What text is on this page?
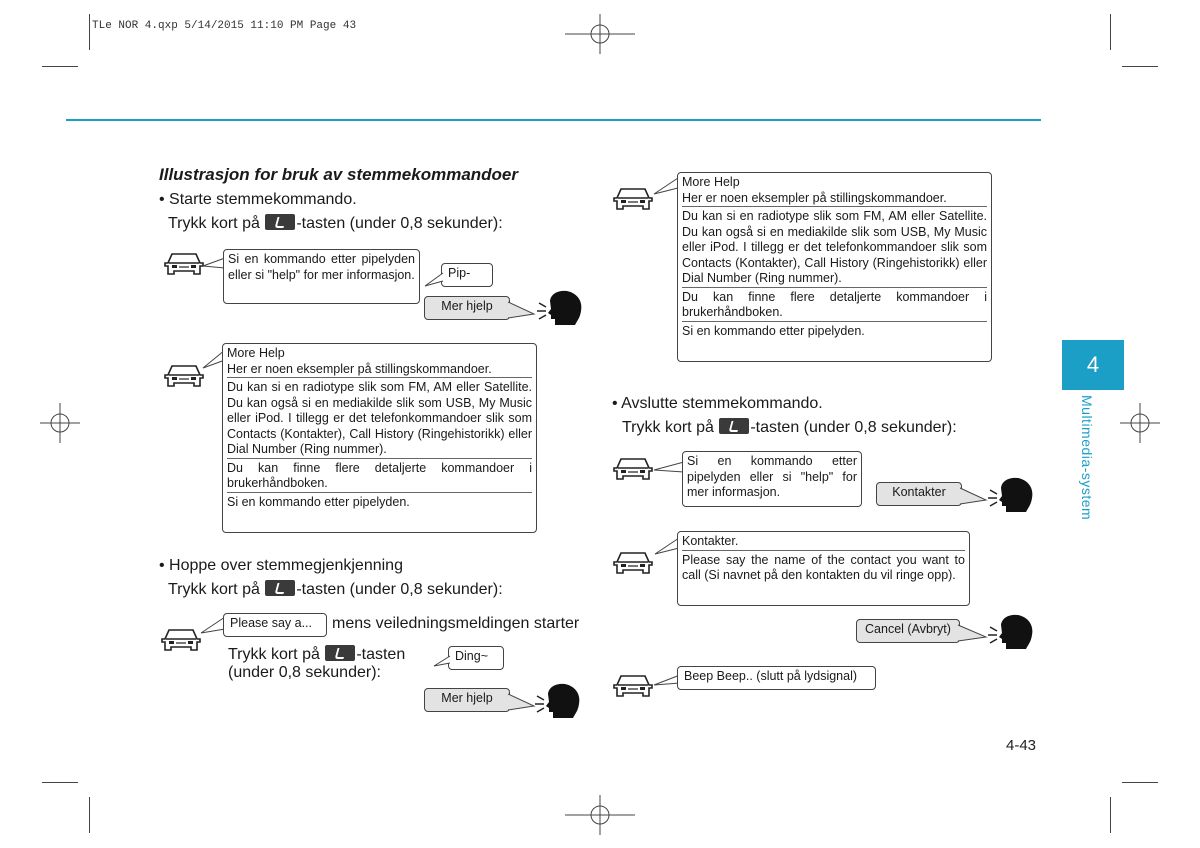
TLe NOR 4.qxp 5/14/2015 11:10 PM Page 43
Illustrasjon for bruk av stemmekommandoer
• Starte stemmekommando.
Trykk kort på -tasten (under 0,8 sekunder):

Si en kommando etter pipelyden eller si "help" for mer informasjon.	Pip-
Mer hjelp

More Help

Her er noen eksempler på stillingskommandoer.

Du kan si en radiotype slik som FM, AM eller Satellite. Du kan også si en mediakilde slik som USB, My Music eller iPod. I tillegg er det telefonkommandoer slik som Contacts (Kontakter), Call History (Ringehistorikk) eller Dial Number (Ring nummer).

Du kan finne flere detaljerte kommandoer i brukerhåndboken.

Si en kommando etter pipelyden.

• Hoppe over stemmegjenkjenning
Trykk kort på -tasten (under 0,8 sekunder):
Please say a...	mens veiledningsmeldingen starter
Trykk kort på -tasten
(under 0,8 sekunder):
Ding~
Mer hjelp

More Help

Her er noen eksempler på stillingskommandoer.

Du kan si en radiotype slik som FM, AM eller Satellite. Du kan også si en mediakilde slik som USB, My Music eller iPod. I tillegg er det telefonkommandoer slik som Contacts (Kontakter), Call History (Ringehistorikk) eller Dial Number (Ring nummer).

Du kan finne flere detaljerte kommandoer i brukerhåndboken.

Si en kommando etter pipelyden.

• Avslutte stemmekommando.
Trykk kort på -tasten (under 0,8 sekunder):

Si en kommando etter pipelyden eller si "help" for mer informasjon.	Kontakter

Kontakter.

Please say the name of the contact you want to call (Si navnet på den kontakten du vil ringe opp).

Cancel (Avbryt)
Beep Beep.. (slutt på lydsignal)
4
Multimedia-system
4-43
